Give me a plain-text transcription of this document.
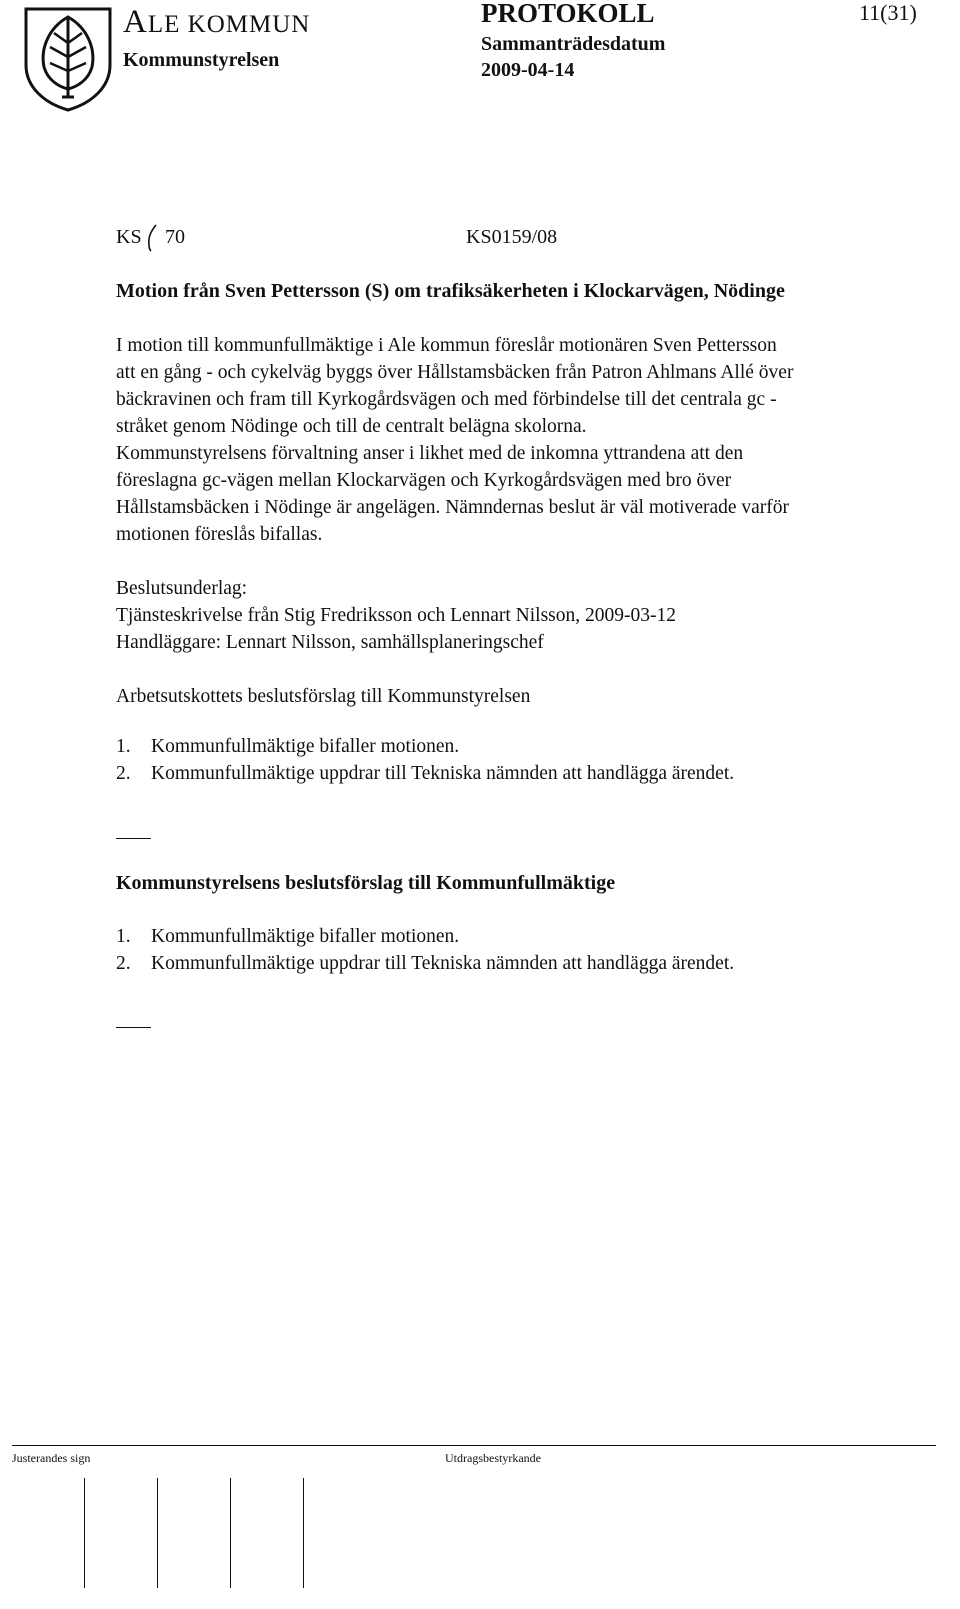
ALE KOMMUN
Kommunstyrelsen
PROTOKOLL
Sammanträdesdatum
2009-04-14
11(31)
KS 70	KS0159/08
Motion från Sven Pettersson (S) om trafiksäkerheten i Klockarvägen, Nödinge
I motion till kommunfullmäktige i Ale kommun föreslår motionären Sven Pettersson
att en gång - och cykelväg byggs över Hållstamsbäcken från Patron Ahlmans Allé över
bäckravinen och fram till Kyrkogårdsvägen och med förbindelse till det centrala gc -
stråket genom Nödinge och till de centralt belägna skolorna.
Kommunstyrelsens förvaltning anser i likhet med de inkomna yttrandena att den
föreslagna gc-vägen mellan Klockarvägen och Kyrkogårdsvägen med bro över
Hållstamsbäcken i Nödinge är angelägen. Nämndernas beslut är väl motiverade varför
motionen föreslås bifallas.
Beslutsunderlag:
Tjänsteskrivelse från Stig Fredriksson och Lennart Nilsson, 2009-03-12
Handläggare: Lennart Nilsson, samhällsplaneringschef
Arbetsutskottets beslutsförslag till Kommunstyrelsen
1. Kommunfullmäktige bifaller motionen.
2. Kommunfullmäktige uppdrar till Tekniska nämnden att handlägga ärendet.
Kommunstyrelsens beslutsförslag till Kommunfullmäktige
1. Kommunfullmäktige bifaller motionen.
2. Kommunfullmäktige uppdrar till Tekniska nämnden att handlägga ärendet.
Justerandes sign	Utdragsbestyrkande
